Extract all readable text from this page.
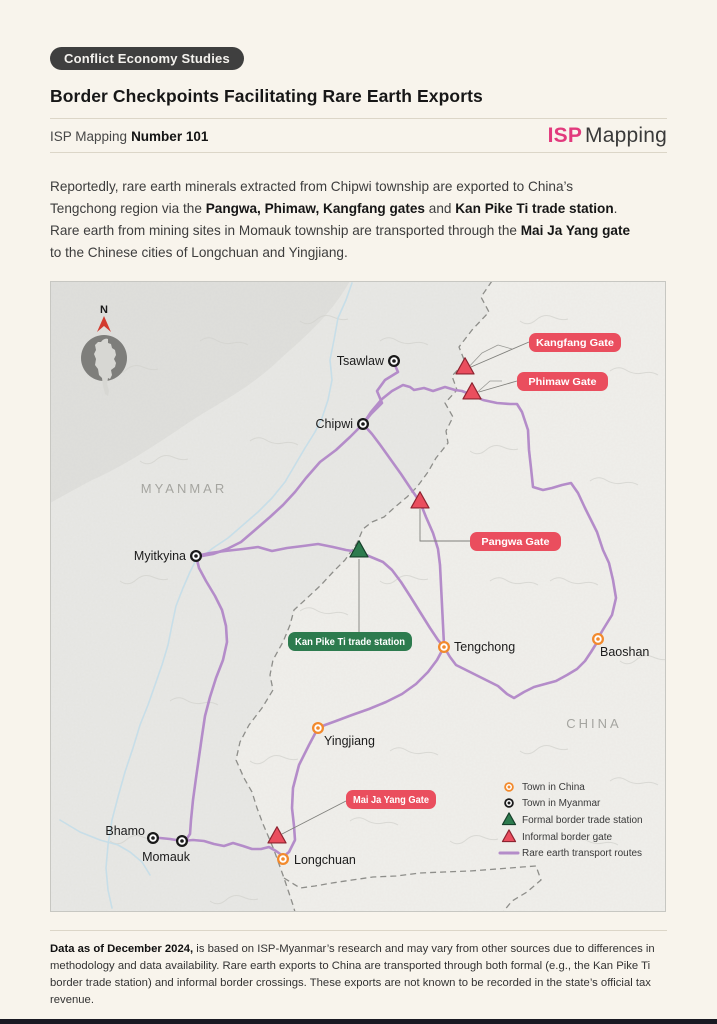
Conflict Economy Studies
Border Checkpoints Facilitating Rare Earth Exports
ISP Mapping Number 101	ISP Mapping

Reportedly, rare earth minerals extracted from Chipwi township are exported to China’s Tengchong region via the Pangwa, Phimaw, Kangfang gates and Kan Pike Ti trade station. Rare earth from mining sites in Momauk township are transported through the Mai Ja Yang gate to the Chinese cities of Longchuan and Yingjiang.

MYANMAR
CHINA
Kangfang Gate
Phimaw Gate
Pangwa Gate
Kan Pike Ti trade station
Mai Ja Yang Gate
Tsawlaw
Chipwi
Myitkyina
Bhamo
Momauk
Tengchong	Baoshan
Yingjiang
Longchuan
N
Town in China
Town in Myanmar
Formal border trade station
Informal border gate
Rare earth transport routes

Data as of December 2024, is based on ISP-Myanmar’s research and may vary from other sources due to differences in methodology and data availability. Rare earth exports to China are transported through both formal (e.g., the Kan Pike Ti border trade station) and informal border crossings. These exports are not known to be recorded in the state’s official tax revenue.
